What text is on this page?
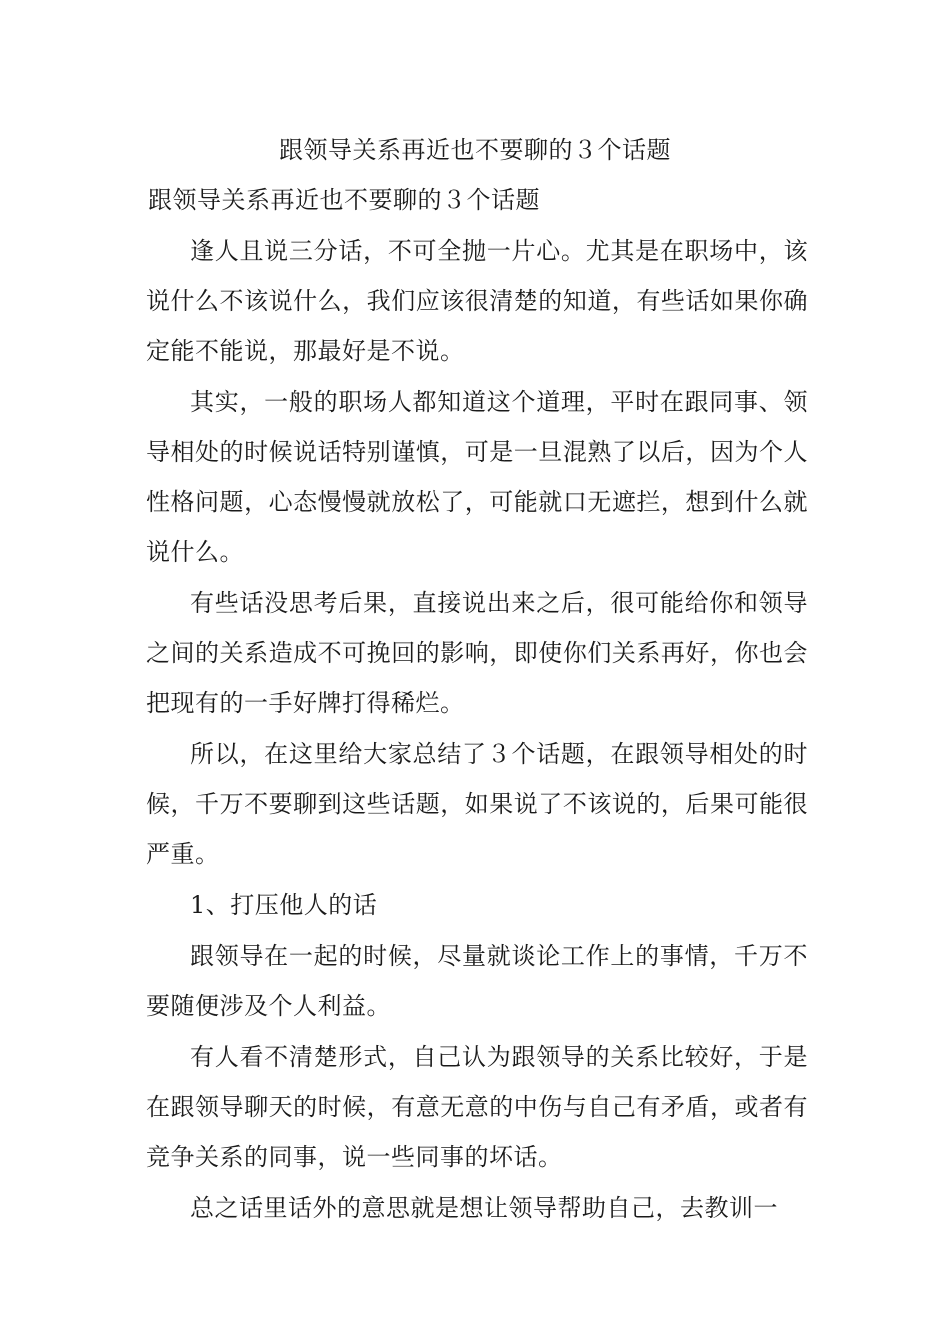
跟领导关系再近也不要聊的３个话题
跟领导关系再近也不要聊的３个话题

逢人且说三分话，不可全抛一片心。尤其是在职场中，该说什么不该说什么，我们应该很清楚的知道，有些话如果你确定能不能说，那最好是不说。

其实，一般的职场人都知道这个道理，平时在跟同事、领导相处的时候说话特别谨慎，可是一旦混熟了以后，因为个人性格问题，心态慢慢就放松了，可能就口无遮拦，想到什么就说什么。

有些话没思考后果，直接说出来之后，很可能给你和领导之间的关系造成不可挽回的影响，即使你们关系再好，你也会把现有的一手好牌打得稀烂。

所以，在这里给大家总结了３个话题，在跟领导相处的时候，千万不要聊到这些话题，如果说了不该说的，后果可能很严重。

1、打压他人的话

跟领导在一起的时候，尽量就谈论工作上的事情，千万不要随便涉及个人利益。

有人看不清楚形式，自己认为跟领导的关系比较好，于是在跟领导聊天的时候，有意无意的中伤与自己有矛盾，或者有竞争关系的同事，说一些同事的坏话。

总之话里话外的意思就是想让领导帮助自己，去教训一
